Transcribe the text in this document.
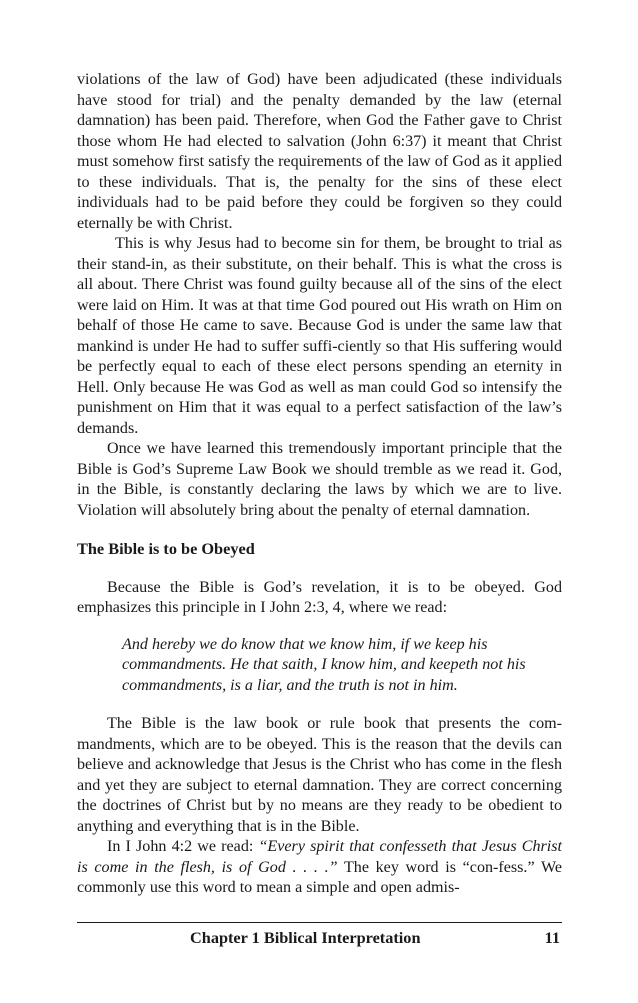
violations of the law of God) have been adjudicated (these individuals have stood for trial) and the penalty demanded by the law (eternal damnation) has been paid. Therefore, when God the Father gave to Christ those whom He had elected to salvation (John 6:37) it meant that Christ must somehow first satisfy the requirements of the law of God as it applied to these individuals. That is, the penalty for the sins of these elect individuals had to be paid before they could be forgiven so they could eternally be with Christ.

This is why Jesus had to become sin for them, be brought to trial as their stand-in, as their substitute, on their behalf. This is what the cross is all about. There Christ was found guilty because all of the sins of the elect were laid on Him. It was at that time God poured out His wrath on Him on behalf of those He came to save. Because God is under the same law that mankind is under He had to suffer suffi-ciently so that His suffering would be perfectly equal to each of these elect persons spending an eternity in Hell. Only because He was God as well as man could God so intensify the punishment on Him that it was equal to a perfect satisfaction of the law’s demands.

Once we have learned this tremendously important principle that the Bible is God’s Supreme Law Book we should tremble as we read it. God, in the Bible, is constantly declaring the laws by which we are to live. Violation will absolutely bring about the penalty of eternal damnation.

The Bible is to be Obeyed

Because the Bible is God’s revelation, it is to be obeyed. God emphasizes this principle in I John 2:3, 4, where we read:

And hereby we do know that we know him, if we keep his commandments. He that saith, I know him, and keepeth not his commandments, is a liar, and the truth is not in him.

The Bible is the law book or rule book that presents the com-mandments, which are to be obeyed. This is the reason that the devils can believe and acknowledge that Jesus is the Christ who has come in the flesh and yet they are subject to eternal damnation. They are correct concerning the doctrines of Christ but by no means are they ready to be obedient to anything and everything that is in the Bible.

In I John 4:2 we read: “Every spirit that confesseth that Jesus Christ is come in the flesh, is of God . . . .” The key word is “con-fess.” We commonly use this word to mean a simple and open admis-

Chapter 1 Biblical Interpretation	11
